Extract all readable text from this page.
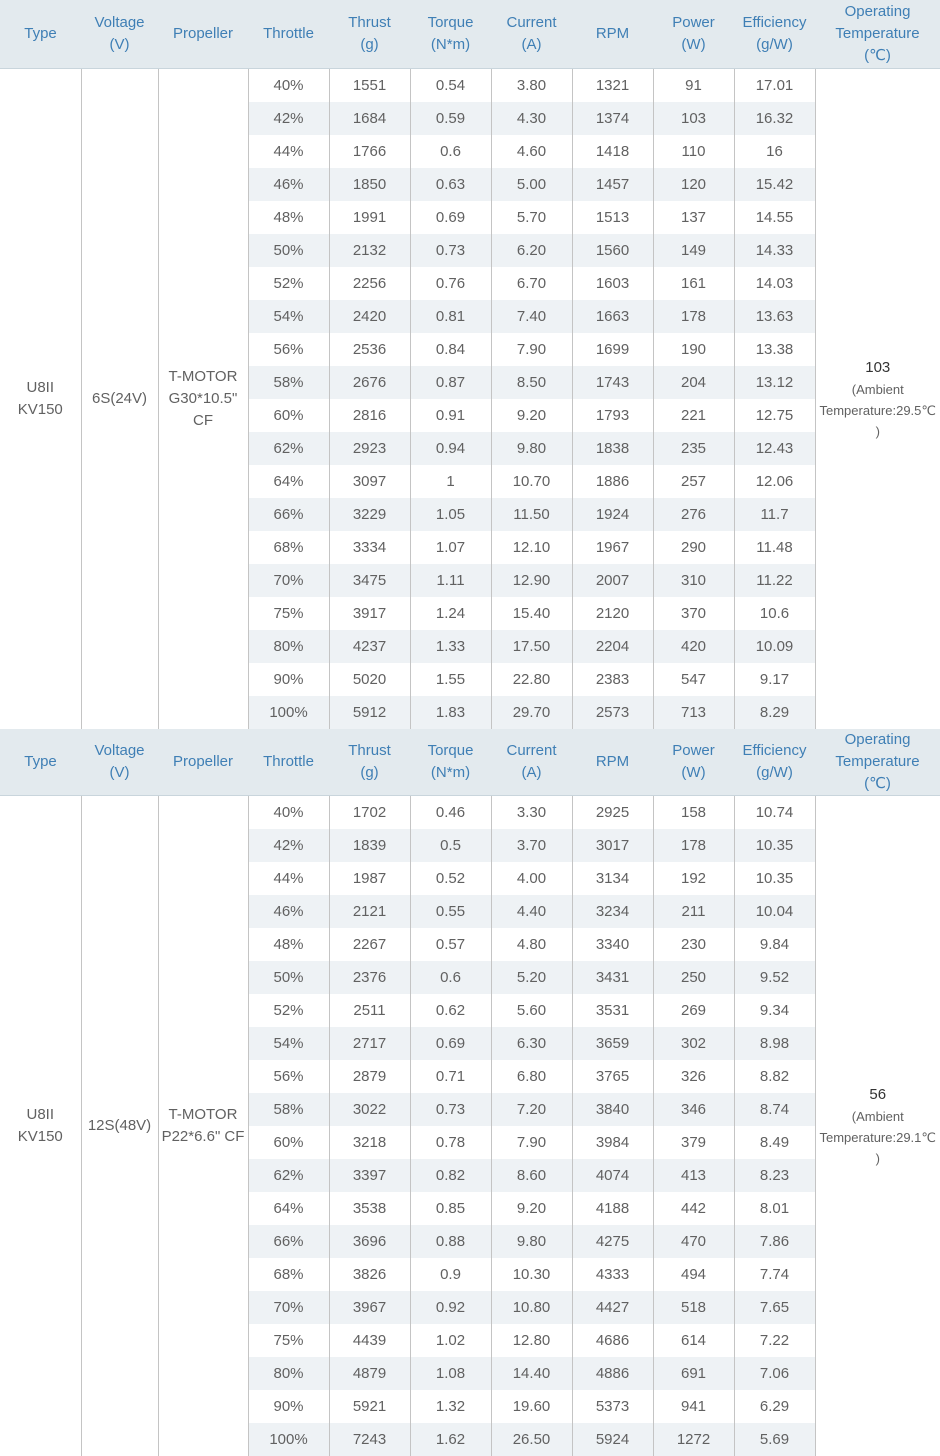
Type	Voltage
(V)	Propeller	Throttle	Thrust
(g)	Torque
(N*m)	Current
(A)	RPM	Power
(W)	Efficiency
(g/W)	Operating
Temperature
(℃)

U8II
KV150	6S(24V)	T-MOTOR
G30*10.5"
CF	40%	1551	0.54	3.80	1321	91	17.01	103
(Ambient
Temperature:29.5℃
)

			42%	1684	0.59	4.30	1374	103	16.32	
			44%	1766	0.6	4.60	1418	110	16	
			46%	1850	0.63	5.00	1457	120	15.42	
			48%	1991	0.69	5.70	1513	137	14.55	
			50%	2132	0.73	6.20	1560	149	14.33	
			52%	2256	0.76	6.70	1603	161	14.03	
			54%	2420	0.81	7.40	1663	178	13.63	
			56%	2536	0.84	7.90	1699	190	13.38	
			58%	2676	0.87	8.50	1743	204	13.12	
			60%	2816	0.91	9.20	1793	221	12.75	
			62%	2923	0.94	9.80	1838	235	12.43	
			64%	3097	1	10.70	1886	257	12.06	
			66%	3229	1.05	11.50	1924	276	11.7	
			68%	3334	1.07	12.10	1967	290	11.48	
			70%	3475	1.11	12.90	2007	310	11.22	
			75%	3917	1.24	15.40	2120	370	10.6	
			80%	4237	1.33	17.50	2204	420	10.09	
			90%	5020	1.55	22.80	2383	547	9.17	
			100%	5912	1.83	29.70	2573	713	8.29	

Type	Voltage
(V)	Propeller	Throttle	Thrust
(g)	Torque
(N*m)	Current
(A)	RPM	Power
(W)	Efficiency
(g/W)	Operating
Temperature
(℃)

U8II
KV150	12S(48V)	T-MOTOR
P22*6.6" CF	40%	1702	0.46	3.30	2925	158	10.74	56
(Ambient
Temperature:29.1℃
)

			42%	1839	0.5	3.70	3017	178	10.35	
			44%	1987	0.52	4.00	3134	192	10.35	
			46%	2121	0.55	4.40	3234	211	10.04	
			48%	2267	0.57	4.80	3340	230	9.84	
			50%	2376	0.6	5.20	3431	250	9.52	
			52%	2511	0.62	5.60	3531	269	9.34	
			54%	2717	0.69	6.30	3659	302	8.98	
			56%	2879	0.71	6.80	3765	326	8.82	
			58%	3022	0.73	7.20	3840	346	8.74	
			60%	3218	0.78	7.90	3984	379	8.49	
			62%	3397	0.82	8.60	4074	413	8.23	
			64%	3538	0.85	9.20	4188	442	8.01	
			66%	3696	0.88	9.80	4275	470	7.86	
			68%	3826	0.9	10.30	4333	494	7.74	
			70%	3967	0.92	10.80	4427	518	7.65	
			75%	4439	1.02	12.80	4686	614	7.22	
			80%	4879	1.08	14.40	4886	691	7.06	
			90%	5921	1.32	19.60	5373	941	6.29	
			100%	7243	1.62	26.50	5924	1272	5.69	
